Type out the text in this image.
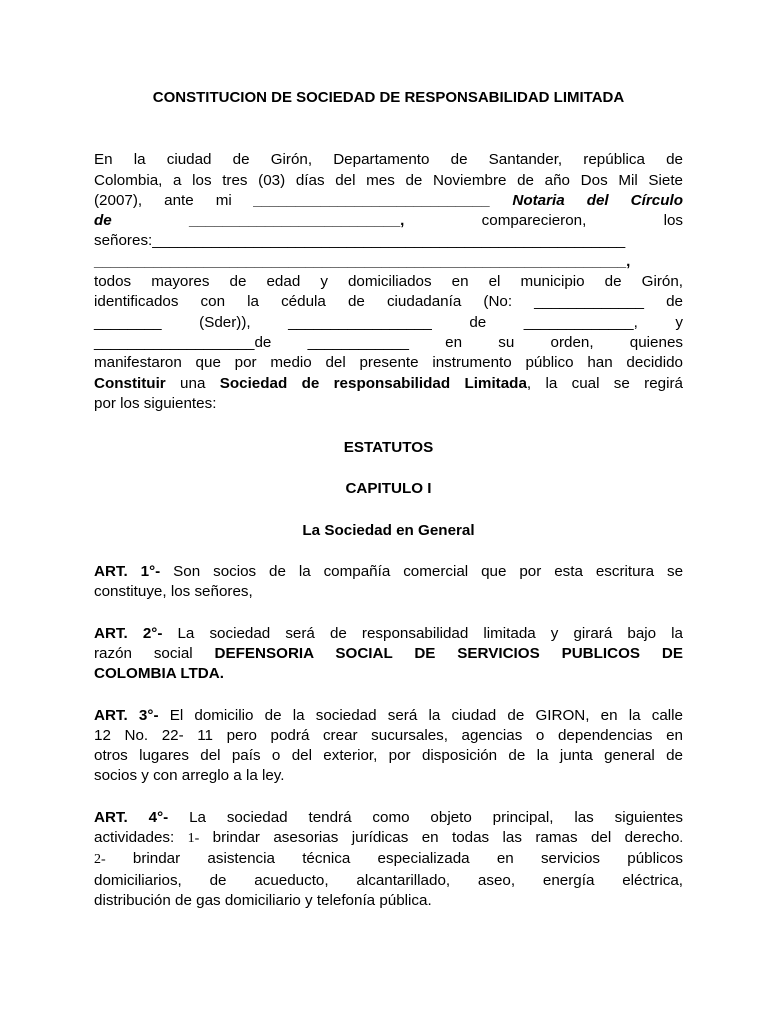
CONSTITUCION DE SOCIEDAD DE RESPONSABILIDAD LIMITADA

En la ciudad de Girón, Departamento de Santander, república de
Colombia, a los tres (03) días del mes de Noviembre de año Dos Mil Siete
(2007), ante mi ____________________________ Notaria del Círculo
de _________________________, comparecieron, los
señores:________________________________________________________
_______________________________________________________________,
todos mayores de edad y domiciliados en el municipio de Girón,
identificados con la cédula de ciudadanía (No: _____________ de
________ (Sder)), _________________ de _____________, y
___________________de ____________ en su orden, quienes
manifestaron que por medio del presente instrumento público han decidido
Constituir una Sociedad de responsabilidad Limitada, la cual se regirá
por los siguientes:

ESTATUTOS

CAPITULO I

La Sociedad en General

ART. 1°- Son socios de la compañía comercial que por esta escritura se
constituye, los señores,
ART. 2°- La sociedad será de responsabilidad limitada y girará bajo la
razón social DEFENSORIA SOCIAL DE SERVICIOS PUBLICOS DE
COLOMBIA LTDA.
ART. 3°- El domicilio de la sociedad será la ciudad de GIRON, en la calle
12 No. 22- 11 pero podrá crear sucursales, agencias o dependencias en
otros lugares del país o del exterior, por disposición de la junta general de
socios y con arreglo a la ley.
ART. 4°- La sociedad tendrá como objeto principal, las siguientes
actividades: 1- brindar asesorias jurídicas en todas las ramas del derecho.
2- brindar asistencia técnica especializada en servicios públicos
domiciliarios, de acueducto, alcantarillado, aseo, energía eléctrica,
distribución de gas domiciliario y telefonía pública.
